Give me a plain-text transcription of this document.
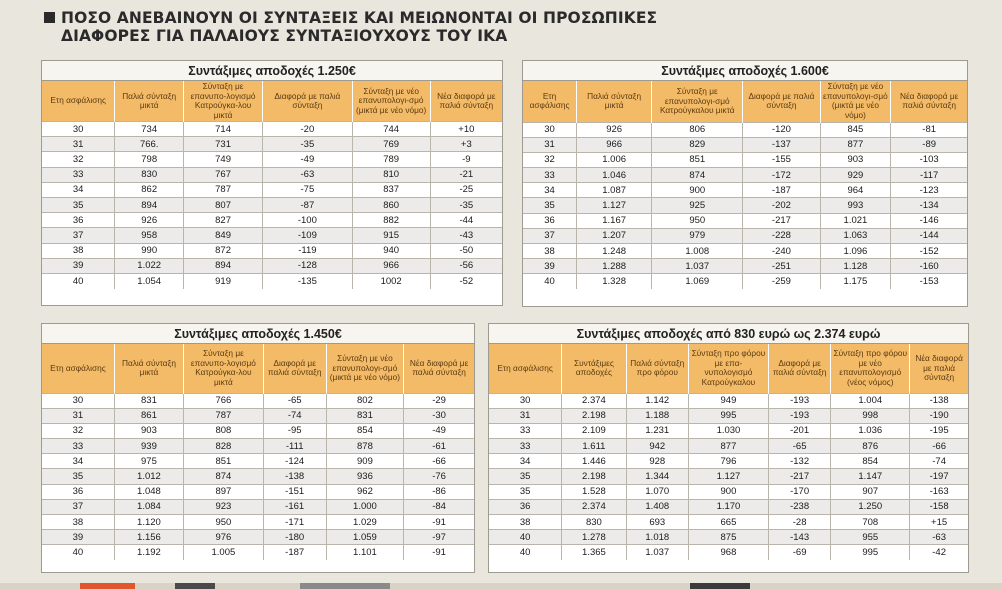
ΠΟΣΟ ΑΝΕΒΑΙΝΟΥΝ ΟΙ ΣΥΝΤΑΞΕΙΣ ΚΑΙ ΜΕΙΩΝΟΝΤΑΙ ΟΙ ΠΡΟΣΩΠΙΚΕΣ
ΔΙΑΦΟΡΕΣ ΓΙΑ ΠΑΛΑΙΟΥΣ ΣΥΝΤΑΞΙΟΥΧΟΥΣ ΤΟΥ ΙΚΑ
Συντάξιμες αποδοχές 1.250€
Ετη ασφάλισης	Παλιά σύνταξη μικτά	Σύνταξη με επανυπο-λογισμό Κατρούγκα-λου μικτά	Διαφορά με παλιά σύνταξη	Σύνταξη με νέο επανυπολογι-σμό (μικτά με νέο νόμο)	Νέα διαφορά με παλιά σύνταξη
30	734	714	-20	744	+10
31	766.	731	-35	769	+3
32	798	749	-49	789	-9
33	830	767	-63	810	-21
34	862	787	-75	837	-25
35	894	807	-87	860	-35
36	926	827	-100	882	-44
37	958	849	-109	915	-43
38	990	872	-119	940	-50
39	1.022	894	-128	966	-56
40	1.054	919	-135	1002	-52
Συντάξιμες αποδοχές 1.600€
Ετη ασφάλισης	Παλιά σύνταξη μικτά	Σύνταξη με επανυπολογι-σμό Κατρούγκαλου μικτά	Διαφορά με παλιά σύνταξη	Σύνταξη με νέο επανυπολογι-σμό (μικτά με νέο νόμο)	Νέα διαφορά με παλιά σύνταξη
30	926	806	-120	845	-81
31	966	829	-137	877	-89
32	1.006	851	-155	903	-103
33	1.046	874	-172	929	-117
34	1.087	900	-187	964	-123
35	1.127	925	-202	993	-134
36	1.167	950	-217	1.021	-146
37	1.207	979	-228	1.063	-144
38	1.248	1.008	-240	1.096	-152
39	1.288	1.037	-251	1.128	-160
40	1.328	1.069	-259	1.175	-153
Συντάξιμες αποδοχές 1.450€
Ετη ασφάλισης	Παλιά σύνταξη μικτά	Σύνταξη με επανυπο-λογισμό Κατρούγκα-λου μικτά	Διαφορά με παλιά σύνταξη	Σύνταξη με νέο επανυπολογι-σμό (μικτά με νέο νόμο)	Νέα διαφορά με παλιά σύνταξη
30	831	766	-65	802	-29
31	861	787	-74	831	-30
32	903	808	-95	854	-49
33	939	828	-111	878	-61
34	975	851	-124	909	-66
35	1.012	874	-138	936	-76
36	1.048	897	-151	962	-86
37	1.084	923	-161	1.000	-84
38	1.120	950	-171	1.029	-91
39	1.156	976	-180	1.059	-97
40	1.192	1.005	-187	1.101	-91
Συντάξιμες αποδοχές από 830 ευρώ ως 2.374 ευρώ
Ετη ασφάλισης	Συντάξιμες αποδοχές	Παλιά σύνταξη προ φόρου	Σύνταξη προ φόρου με επα-νυπολογισμό Κατρούγκαλου	Διαφορά με παλιά σύνταξη	Σύνταξη προ φόρου με νέο επανυπολογισμό (νέος νόμος)	Νέα διαφορά με παλιά σύνταξη
30	2.374	1.142	949	-193	1.004	-138
31	2.198	1.188	995	-193	998	-190
33	2.109	1.231	1.030	-201	1.036	-195
33	1.611	942	877	-65	876	-66
34	1.446	928	796	-132	854	-74
35	2.198	1.344	1.127	-217	1.147	-197
35	1.528	1.070	900	-170	907	-163
36	2.374	1.408	1.170	-238	1.250	-158
38	830	693	665	-28	708	+15
40	1.278	1.018	875	-143	955	-63
40	1.365	1.037	968	-69	995	-42
